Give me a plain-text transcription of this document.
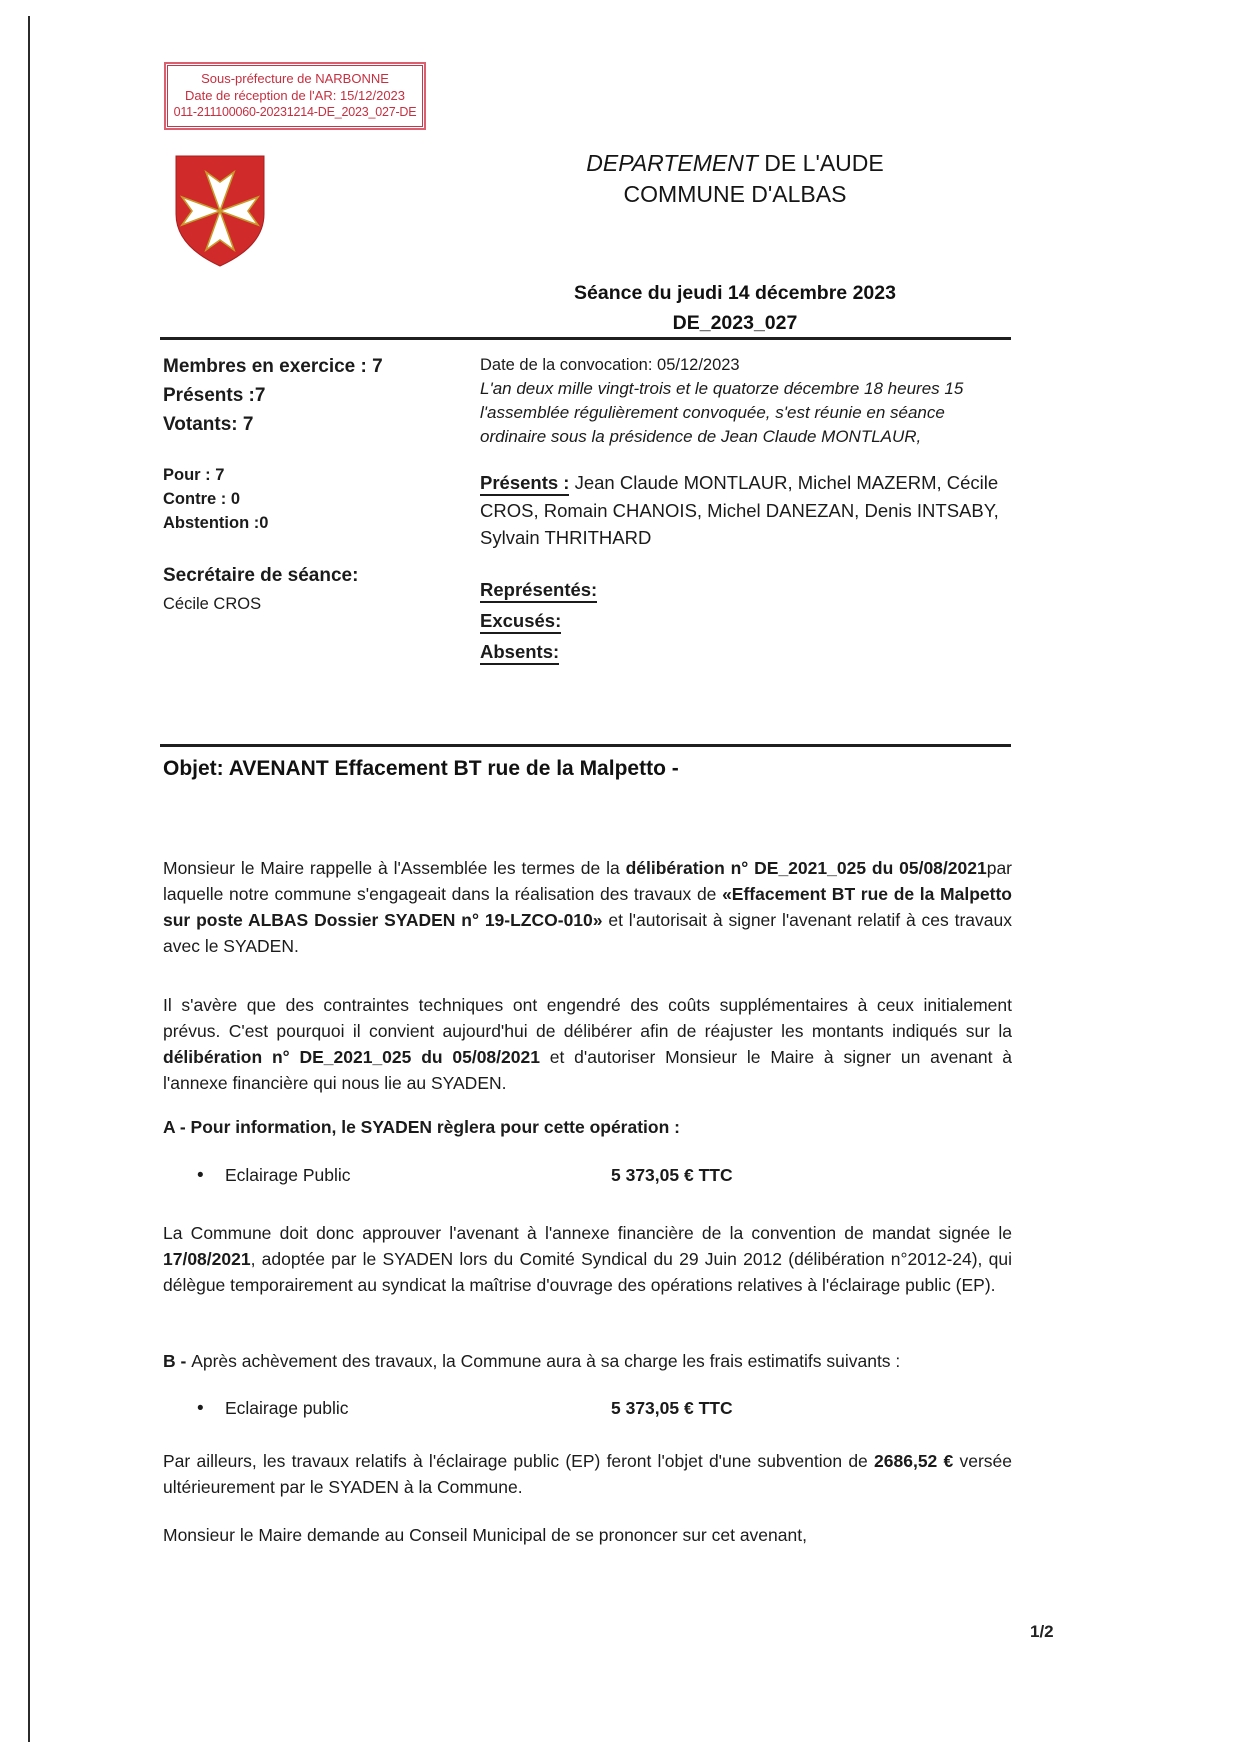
Sous-préfecture de NARBONNE
Date de réception de l'AR: 15/12/2023
011-211100060-20231214-DE_2023_027-DE
DEPARTEMENT DE L'AUDE
COMMUNE D'ALBAS
Séance du jeudi 14 décembre 2023
DE_2023_027
Membres en exercice : 7
Présents :7
Votants: 7
Pour : 7
Contre : 0
Abstention :0
Secrétaire de séance:
Cécile CROS
Date de la convocation: 05/12/2023
L'an deux mille vingt-trois et le quatorze décembre 18 heures 15 l'assemblée régulièrement convoquée, s'est réunie en séance ordinaire sous la présidence de Jean Claude MONTLAUR,
Présents : Jean Claude MONTLAUR, Michel MAZERM, Cécile CROS, Romain CHANOIS, Michel DANEZAN, Denis INTSABY, Sylvain THRITHARD
Représentés:
Excusés:
Absents:
Objet: AVENANT Effacement BT rue de la Malpetto -

Monsieur le Maire rappelle à l'Assemblée les termes de la délibération n° DE_2021_025 du 05/08/2021par laquelle notre commune s'engageait dans la réalisation des travaux de «Effacement BT rue de la Malpetto sur poste ALBAS Dossier SYADEN n° 19-LZCO-010» et l'autorisait à signer l'avenant relatif à ces travaux avec le SYADEN.

Il s'avère que des contraintes techniques ont engendré des coûts supplémentaires à ceux initialement prévus. C'est pourquoi il convient aujourd'hui de délibérer afin de réajuster les montants indiqués sur la délibération n° DE_2021_025 du 05/08/2021 et d'autoriser Monsieur le Maire à signer un avenant à l'annexe financière qui nous lie au SYADEN.

A - Pour information, le SYADEN règlera pour cette opération :

•	Eclairage Public	5 373,05 € TTC

La Commune doit donc approuver l'avenant à l'annexe financière de la convention de mandat signée le 17/08/2021, adoptée par le SYADEN lors du Comité Syndical du 29 Juin 2012 (délibération n°2012-24), qui délègue temporairement au syndicat la maîtrise d'ouvrage des opérations relatives à l'éclairage public (EP).

B - Après achèvement des travaux, la Commune aura à sa charge les frais estimatifs suivants :

•	Eclairage public	5 373,05 € TTC

Par ailleurs, les travaux relatifs à l'éclairage public (EP) feront l'objet d'une subvention de 2686,52 € versée ultérieurement par le SYADEN à la Commune.

Monsieur le Maire demande au Conseil Municipal de se prononcer sur cet avenant,

1/2
